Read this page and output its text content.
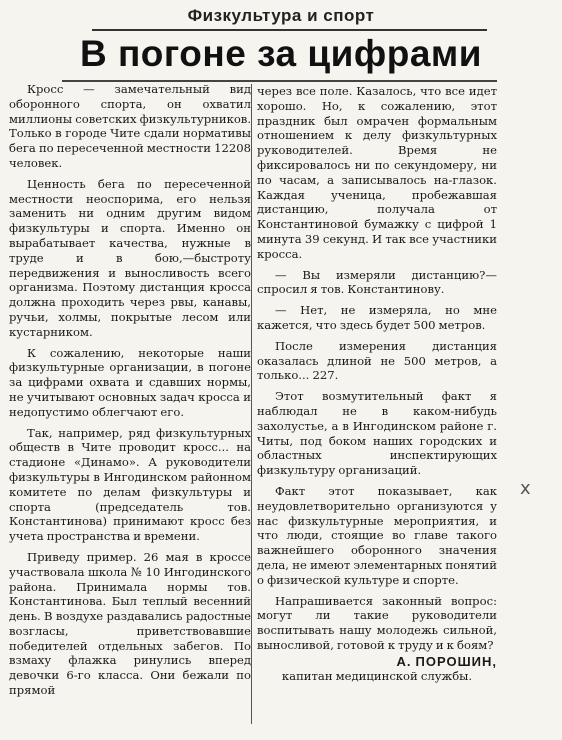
Физкультура и спорт
В погоне за цифрами

Кросс — замечательный вид оборонного спорта, он охватил миллионы советских физкультурников. Только в городе Чите сдали нормативы бега по пересеченной местности 12208 человек.

Ценность бега по пересеченной местности неоспорима, его нельзя заменить ни одним другим видом физкультуры и спорта. Именно он вырабатывает качества, нужные в труде и в бою,—быстроту передвижения и выносливость всего организма. Поэтому дистанция кросса должна проходить через рвы, канавы, ручьи, холмы, покрытые лесом или кустарником.

К сожалению, некоторые наши физкультурные организации, в погоне за цифрами охвата и сдавших нормы, не учитывают основных задач кросса и недопустимо облегчают его.

Так, например, ряд физкультурных обществ в Чите проводит кросс... на стадионе «Динамо». А руководители физкультуры в Ингодинском районном комитете по делам физкультуры и спорта (председатель тов. Константинова) принимают кросс без учета пространства и времени.

Приведу пример. 26 мая в кроссе участвовала школа № 10 Ингодинского района. Принимала нормы тов. Константинова. Был теплый весенний день. В воздухе раздавались радостные возгласы, приветствовавшие победителей отдельных забегов. По взмаху флажка ринулись вперед девочки 6-го класса. Они бежали по прямой

через все поле. Казалось, что все идет хорошо. Но, к сожалению, этот праздник был омрачен формальным отношением к делу физкультурных руководителей. Время не фиксировалось ни по секундомеру, ни по часам, а записывалось на-глазок. Каждая ученица, пробежавшая дистанцию, получала от Константиновой бумажку с цифрой 1 минута 39 секунд. И так все участники кросса.

— Вы измеряли дистанцию?— спросил я тов. Константинову.

— Нет, не измеряла, но мне кажется, что здесь будет 500 метров.

После измерения дистанция оказалась длиной не 500 метров, а только... 227.

Этот возмутительный факт я наблюдал не в каком-нибудь захолустье, а в Ингодинском районе г. Читы, под боком наших городских и областных инспектирующих физкультуру организаций.

Факт этот показывает, как неудовлетворительно организуются у нас физкультурные мероприятия, и что люди, стоящие во главе такого важнейшего оборонного значения дела, не имеют элементарных понятий о физической культуре и спорте.

Напрашивается законный вопрос: могут ли такие руководители воспитывать нашу молодежь сильной, выносливой, готовой к труду и к боям?

А. ПОРОШИН,

капитан медицинской службы.

x
